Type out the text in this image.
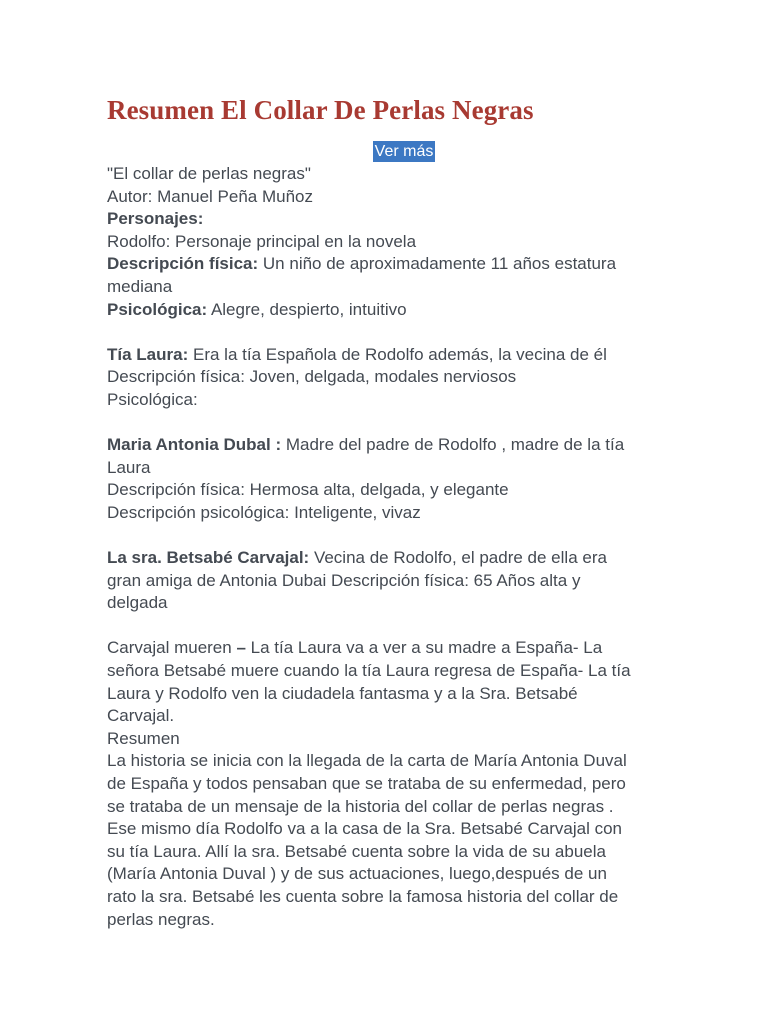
Resumen El Collar De Perlas Negras
Ver más
"El collar de perlas negras"
Autor: Manuel Peña Muñoz
Personajes:
Rodolfo: Personaje principal en la novela
Descripción física: Un niño de aproximadamente 11 años estatura
mediana
Psicológica: Alegre, despierto, intuitivo
Tía Laura: Era la tía Española de Rodolfo además, la vecina de él
Descripción física: Joven, delgada, modales nerviosos
Psicológica:
Maria Antonia Dubal : Madre del padre de Rodolfo , madre de la tía
Laura
Descripción física: Hermosa alta, delgada, y elegante
Descripción psicológica: Inteligente, vivaz
La sra. Betsabé Carvajal: Vecina de Rodolfo, el padre de ella era
gran amiga de Antonia Dubai Descripción física: 65 Años alta y
delgada
Carvajal mueren – La tía Laura va a ver a su madre a España- La
señora Betsabé muere cuando la tía Laura regresa de España- La tía
Laura y Rodolfo ven la ciudadela fantasma y a la Sra. Betsabé
Carvajal.
Resumen
La historia se inicia con la llegada de la carta de María Antonia Duval
de España y todos pensaban que se trataba de su enfermedad, pero
se trataba de un mensaje de la historia del collar de perlas negras .
Ese mismo día Rodolfo va a la casa de la Sra. Betsabé Carvajal con
su tía Laura. Allí la sra. Betsabé cuenta sobre la vida de su abuela
(María Antonia Duval ) y de sus actuaciones, luego,después de un
rato la sra. Betsabé les cuenta sobre la famosa historia del collar de
perlas negras.
